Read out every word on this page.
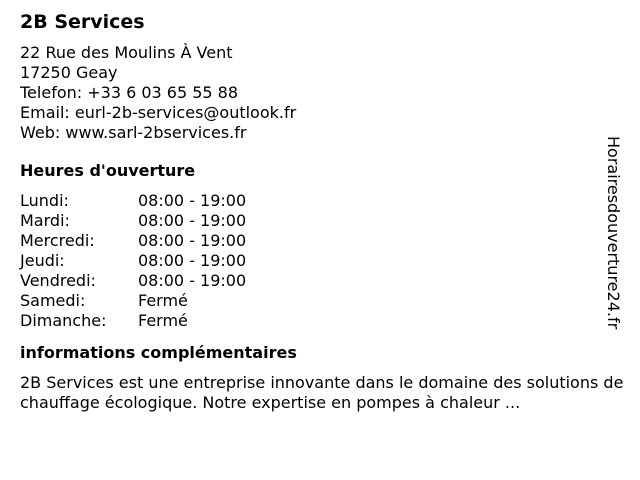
2B Services
22 Rue des Moulins À Vent
17250 Geay
Telefon: +33 6 03 65 55 88
Email: eurl-2b-services@outlook.fr
Web: www.sarl-2bservices.fr
Heures d'ouverture
Lundi:	08:00 - 19:00
Mardi:	08:00 - 19:00
Mercredi:	08:00 - 19:00
Jeudi:	08:00 - 19:00
Vendredi:	08:00 - 19:00
Samedi:	Fermé
Dimanche:	Fermé
informations complémentaires

2B Services est une entreprise innovante dans le domaine des solutions de chauffage écologique. Notre expertise en pompes à chaleur ...

Horairesdouverture24.fr
